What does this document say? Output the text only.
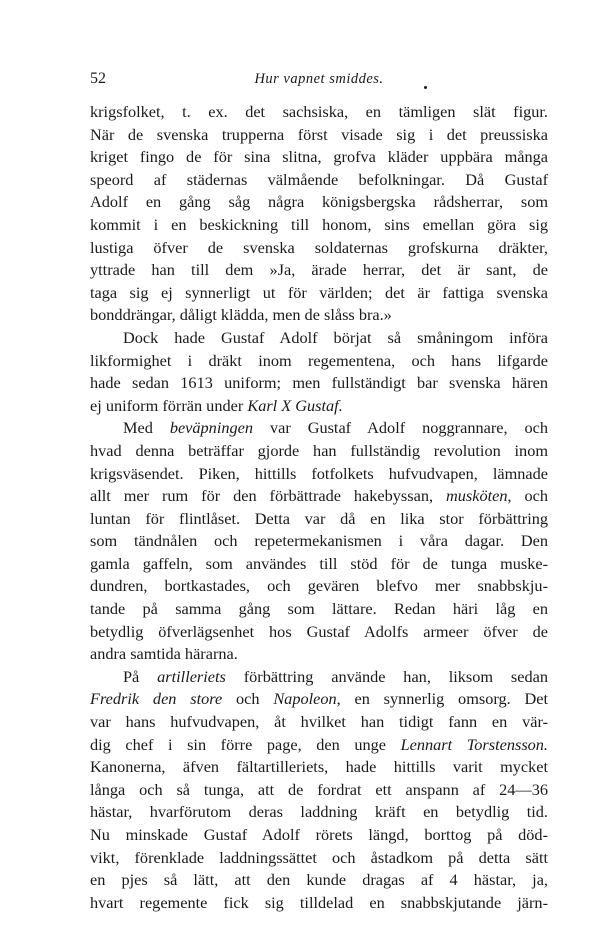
52	Hur vapnet smiddes.
krigsfolket, t. ex. det sachsiska, en tämligen slät figur.
När de svenska trupperna först visade sig i det preussiska
kriget fingo de för sina slitna, grofva kläder uppbära många
speord af städernas välmående befolkningar. Då Gustaf
Adolf en gång såg några königsbergska rådsherrar, som
kommit i en beskickning till honom, sins emellan göra sig
lustiga öfver de svenska soldaternas grofskurna dräkter,
yttrade han till dem »Ja, ärade herrar, det är sant, de
taga sig ej synnerligt ut för världen; det är fattiga svenska
bonddrängar, dåligt klädda, men de slåss bra.»
Dock hade Gustaf Adolf börjat så småningom införa
likformighet i dräkt inom regementena, och hans lifgarde
hade sedan 1613 uniform; men fullständigt bar svenska hären
ej uniform förrän under Karl X Gustaf.
Med beväpningen var Gustaf Adolf noggrannare, och
hvad denna beträffar gjorde han fullständig revolution inom
krigsväsendet. Piken, hittills fotfolkets hufvudvapen, lämnade
allt mer rum för den förbättrade hakebyssan, musköten, och
luntan för flintlåset. Detta var då en lika stor förbättring
som tändnålen och repetermekanismen i våra dagar. Den
gamla gaffeln, som användes till stöd för de tunga muske-
dundren, bortkastades, och gevären blefvo mer snabbskju-
tande på samma gång som lättare. Redan häri låg en
betydlig öfverlägsenhet hos Gustaf Adolfs armeer öfver de
andra samtida härarna.
På artilleriets förbättring använde han, liksom sedan
Fredrik den store och Napoleon, en synnerlig omsorg. Det
var hans hufvudvapen, åt hvilket han tidigt fann en vär-
dig chef i sin förre page, den unge Lennart Torstensson.
Kanonerna, äfven fältartilleriets, hade hittills varit mycket
långa och så tunga, att de fordrat ett anspann af 24—36
hästar, hvarförutom deras laddning kräft en betydlig tid.
Nu minskade Gustaf Adolf rörets längd, borttog på död-
vikt, förenklade laddningssättet och åstadkom på detta sätt
en pjes så lätt, att den kunde dragas af 4 hästar, ja,
hvart regemente fick sig tilldelad en snabbskjutande järn-
